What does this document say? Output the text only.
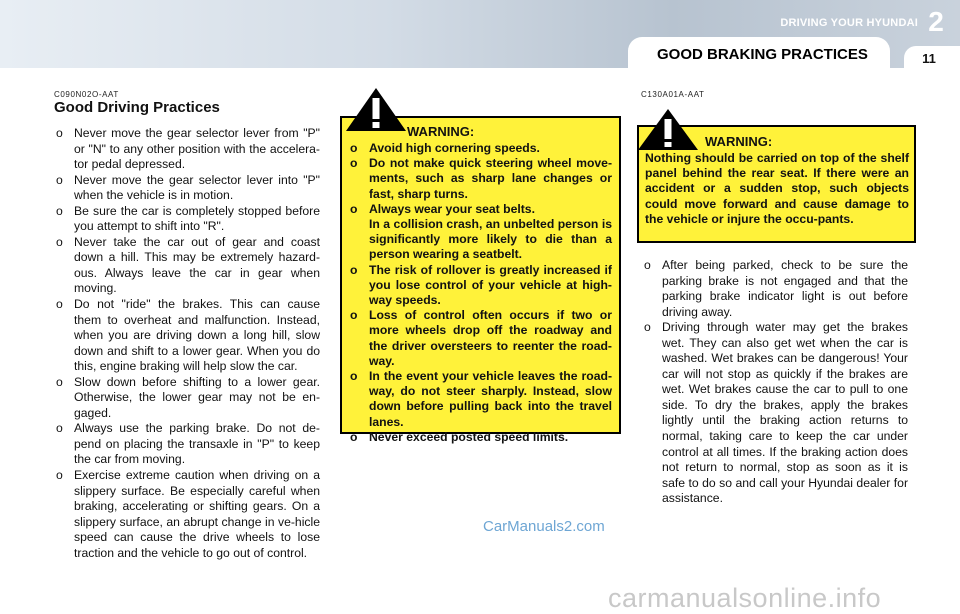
GOOD BRAKING PRACTICES
DRIVING YOUR HYUNDAI 2
11
C090N02O-AAT
Good Driving Practices
o Never move the gear selector lever from "P" or "N" to any other position with the accelera-tor pedal depressed.
o Never move the gear selector lever into "P" when the vehicle is in motion.
o Be sure the car is completely stopped before you attempt to shift into "R".
o Never take the car out of gear and coast down a hill. This may be extremely hazard-ous. Always leave the car in gear when moving.
o Do not "ride" the brakes. This can cause them to overheat and malfunction. Instead, when you are driving down a long hill, slow down and shift to a lower gear. When you do this, engine braking will help slow the car.
o Slow down before shifting to a lower gear. Otherwise, the lower gear may not be en-gaged.
o Always use the parking brake. Do not de-pend on placing the transaxle in "P" to keep the car from moving.
o Exercise extreme caution when driving on a slippery surface. Be especially careful when braking, accelerating or shifting gears. On a slippery surface, an abrupt change in ve-hicle speed can cause the drive wheels to lose traction and the vehicle to go out of control.
WARNING:
o Avoid high cornering speeds.
o Do not make quick steering wheel move-ments, such as sharp lane changes or fast, sharp turns.
o Always wear your seat belts.
In a collision crash, an unbelted person is significantly more likely to die than a person wearing a seatbelt.
o The risk of rollover is greatly increased if you lose control of your vehicle at high-way speeds.
o Loss of control often occurs if two or more wheels drop off the roadway and the driver oversteers to reenter the road-way.
o In the event your vehicle leaves the road-way, do not steer sharply. Instead, slow down before pulling back into the travel lanes.
o Never exceed posted speed limits.
C130A01A-AAT
WARNING:

Nothing should be carried on top of the shelf panel behind the rear seat. If there were an accident or a sudden stop, such objects could move forward and cause damage to the vehicle or injure the occu-pants.

o After being parked, check to be sure the parking brake is not engaged and that the parking brake indicator light is out before driving away.
o Driving through water may get the brakes wet. They can also get wet when the car is washed. Wet brakes can be dangerous! Your car will not stop as quickly if the brakes are wet. Wet brakes cause the car to pull to one side. To dry the brakes, apply the brakes lightly until the braking action returns to normal, taking care to keep the car under control at all times. If the braking action does not return to normal, stop as soon as it is safe to do so and call your Hyundai dealer for assistance.
CarManuals2.com
carmanualsonline.info
